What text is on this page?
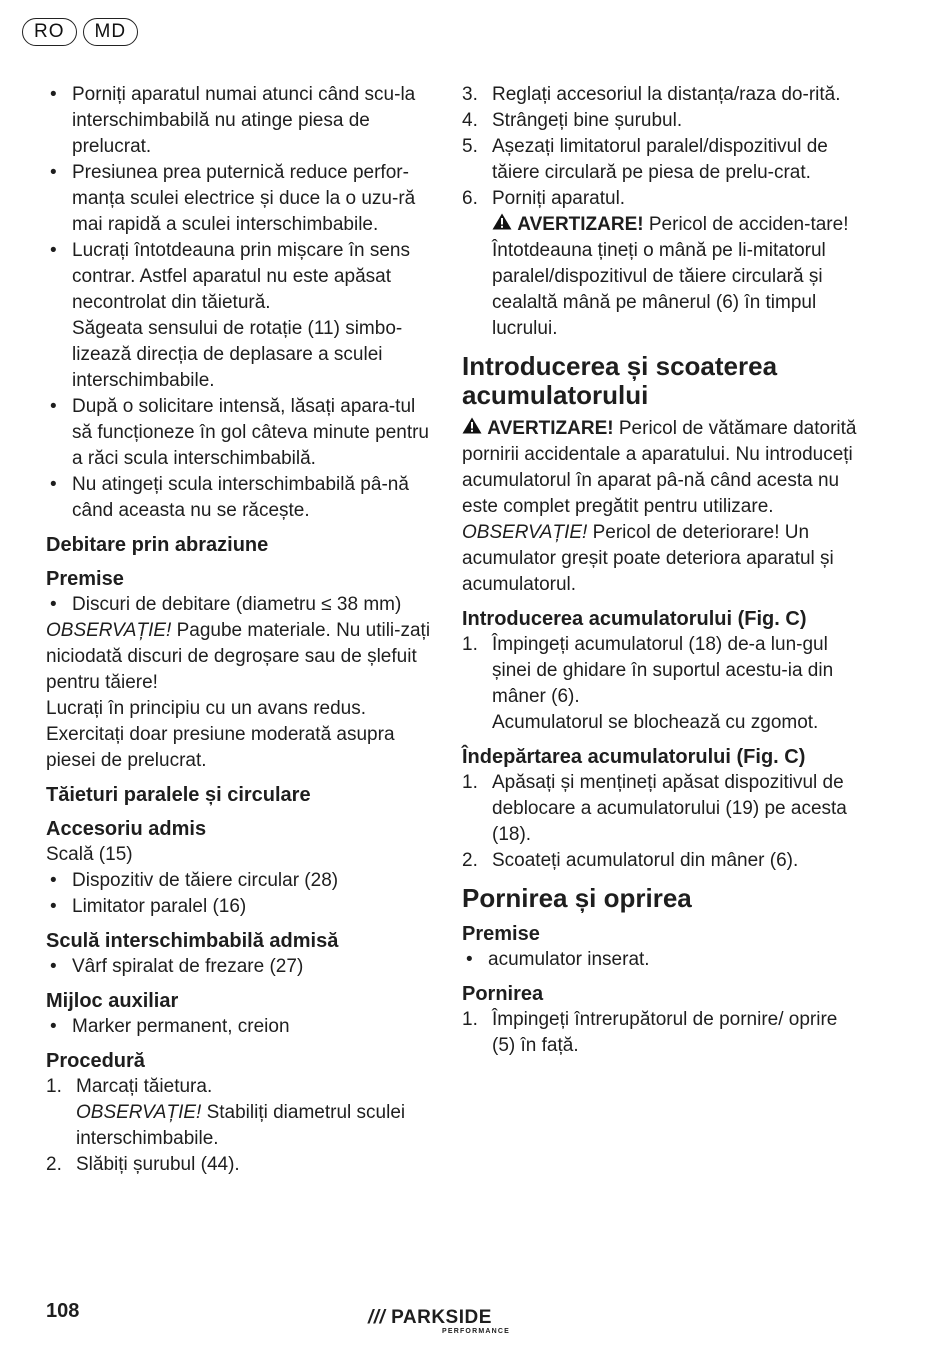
RO	MD

• Porniți aparatul numai atunci când scu-la interschimbabilă nu atinge piesa de prelucrat.

• Presiunea prea puternică reduce perfor-manța sculei electrice și duce la o uzu-ră mai rapidă a sculei interschimbabile.

• Lucrați întotdeauna prin mișcare în sens contrar. Astfel aparatul nu este apăsat necontrolat din tăietură.

Săgeata sensului de rotație (11) simbo-lizează direcția de deplasare a sculei interschimbabile.

• După o solicitare intensă, lăsați apara-tul să funcționeze în gol câteva minute pentru a răci scula interschimbabilă.

• Nu atingeți scula interschimbabilă pâ-nă când aceasta nu se răcește.

Debitare prin abraziune

Premise

• Discuri de debitare (diametru ≤ 38 mm)

OBSERVAȚIE! Pagube materiale. Nu utili-zați niciodată discuri de degroșare sau de șlefuit pentru tăiere!

Lucrați în principiu cu un avans redus. Exercitați doar presiune moderată asupra piesei de prelucrat.

Tăieturi paralele și circulare

Accesoriu admis

Scală (15)

• Dispozitiv de tăiere circular (28)

• Limitator paralel (16)

Sculă interschimbabilă admisă

• Vârf spiralat de frezare (27)

Mijloc auxiliar

• Marker permanent, creion

Procedură

1. Marcați tăietura.
OBSERVAȚIE! Stabiliți diametrul sculei interschimbabile.
2. Slăbiți șurubul (44).
3. Reglați accesoriul la distanța/raza do-rită.
4. Strângeți bine șurubul.
5. Așezați limitatorul paralel/dispozitivul de tăiere circulară pe piesa de prelu-crat.
6. Porniți aparatul.
AVERTIZARE! Pericol de acciden-tare! Întotdeauna țineți o mână pe li-mitatorul paralel/dispozitivul de tăiere circulară și cealaltă mână pe mânerul (6) în timpul lucrului.

Introducerea și scoaterea acumulatorului

AVERTIZARE! Pericol de vătămare datorită pornirii accidentale a aparatului. Nu introduceți acumulatorul în aparat pâ-nă când acesta nu este complet pregătit pentru utilizare.

OBSERVAȚIE! Pericol de deteriorare! Un acumulator greșit poate deteriora aparatul și acumulatorul.

Introducerea acumulatorului (Fig. C)

1. Împingeți acumulatorul (18) de-a lun-gul șinei de ghidare în suportul acestu-ia din mâner (6).
Acumulatorul se blochează cu zgomot.

Îndepărtarea acumulatorului (Fig. C)

1. Apăsați și mențineți apăsat dispozitivul de deblocare a acumulatorului (19) pe acesta (18).
2. Scoateți acumulatorul din mâner (6).

Pornirea și oprirea

Premise

• acumulator inserat.

Pornirea

1. Împingeți întrerupătorul de pornire/ oprire (5) în față.
108	/// PARKSIDE
PERFORMANCE
